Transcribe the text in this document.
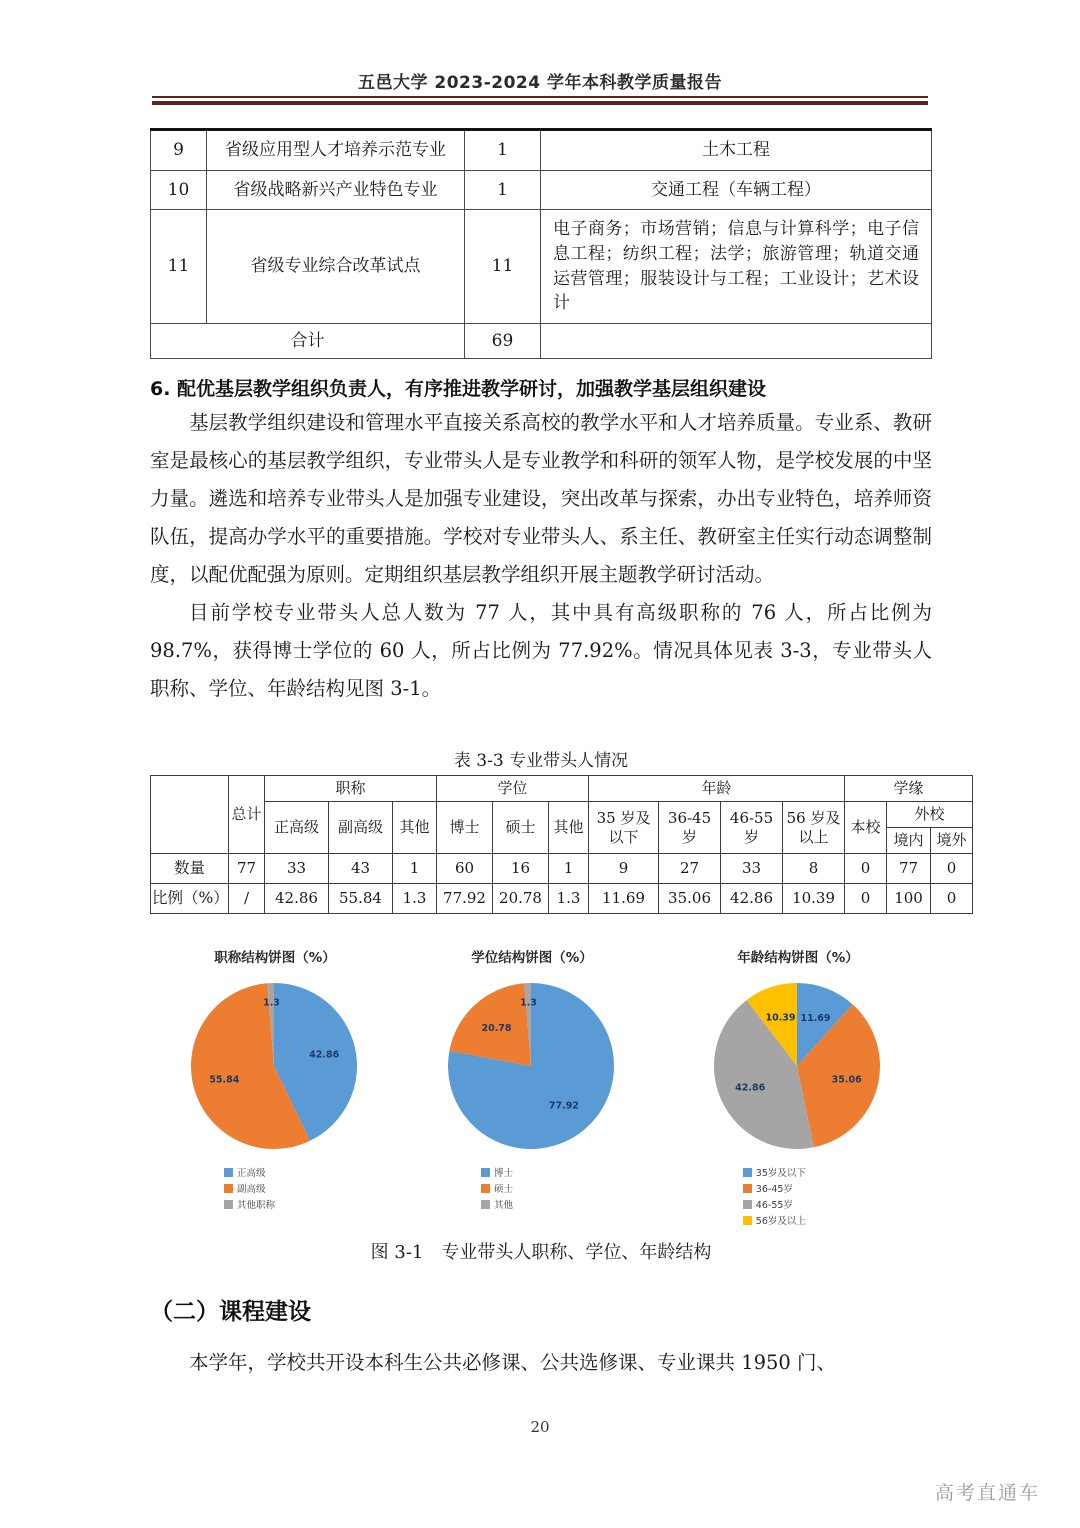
五邑大学 2023-2024 学年本科教学质量报告
9	省级应用型人才培养示范专业	1	土木工程
10	省级战略新兴产业特色专业	1	交通工程（车辆工程）
11	省级专业综合改革试点	11	电子商务；市场营销；信息与计算科学；电子信息工程；纺织工程；法学；旅游管理；轨道交通运营管理；服装设计与工程；工业设计；艺术设计
合计		69	
6. 配优基层教学组织负责人，有序推进教学研讨，加强教学基层组织建设

基层教学组织建设和管理水平直接关系高校的教学水平和人才培养质量。专业系、教研室是最核心的基层教学组织，专业带头人是专业教学和科研的领军人物，是学校发展的中坚力量。遴选和培养专业带头人是加强专业建设，突出改革与探索，办出专业特色，培养师资队伍，提高办学水平的重要措施。学校对专业带头人、系主任、教研室主任实行动态调整制度，以配优配强为原则。定期组织基层教学组织开展主题教学研讨活动。

目前学校专业带头人总人数为 77 人，其中具有高级职称的 76 人，所占比例为 98.7%，获得博士学位的 60 人，所占比例为 77.92%。情况具体见表 3-3，专业带头人职称、学位、年龄结构见图 3-1。

表 3-3 专业带头人情况
	总计	职称			学位			年龄				学缘		
		正高级	副高级	其他	博士	硕士	其他	35 岁及以下	36-45 岁	46-55 岁	56 岁及以上	本校	外校	
													境内	境外
数量	77	33	43	1	60	16	1	9	27	33	8	0	77	0
比例（%）	/	42.86	55.84	1.3	77.92	20.78	1.3	11.69	35.06	42.86	10.39	0	100	0
职称结构饼图（%）
42.86
55.84
1.3
正高级
副高级
其他职称
学位结构饼图（%）
77.92
20.78
1.3
博士
硕士
其他
年龄结构饼图（%）
11.69
35.06
42.86
10.39
35岁及以下
36-45岁
46-55岁
56岁及以上
图 3-1　专业带头人职称、学位、年龄结构
（二）课程建设

本学年，学校共开设本科生公共必修课、公共选修课、专业课共 1950 门、

20
高考直通车
